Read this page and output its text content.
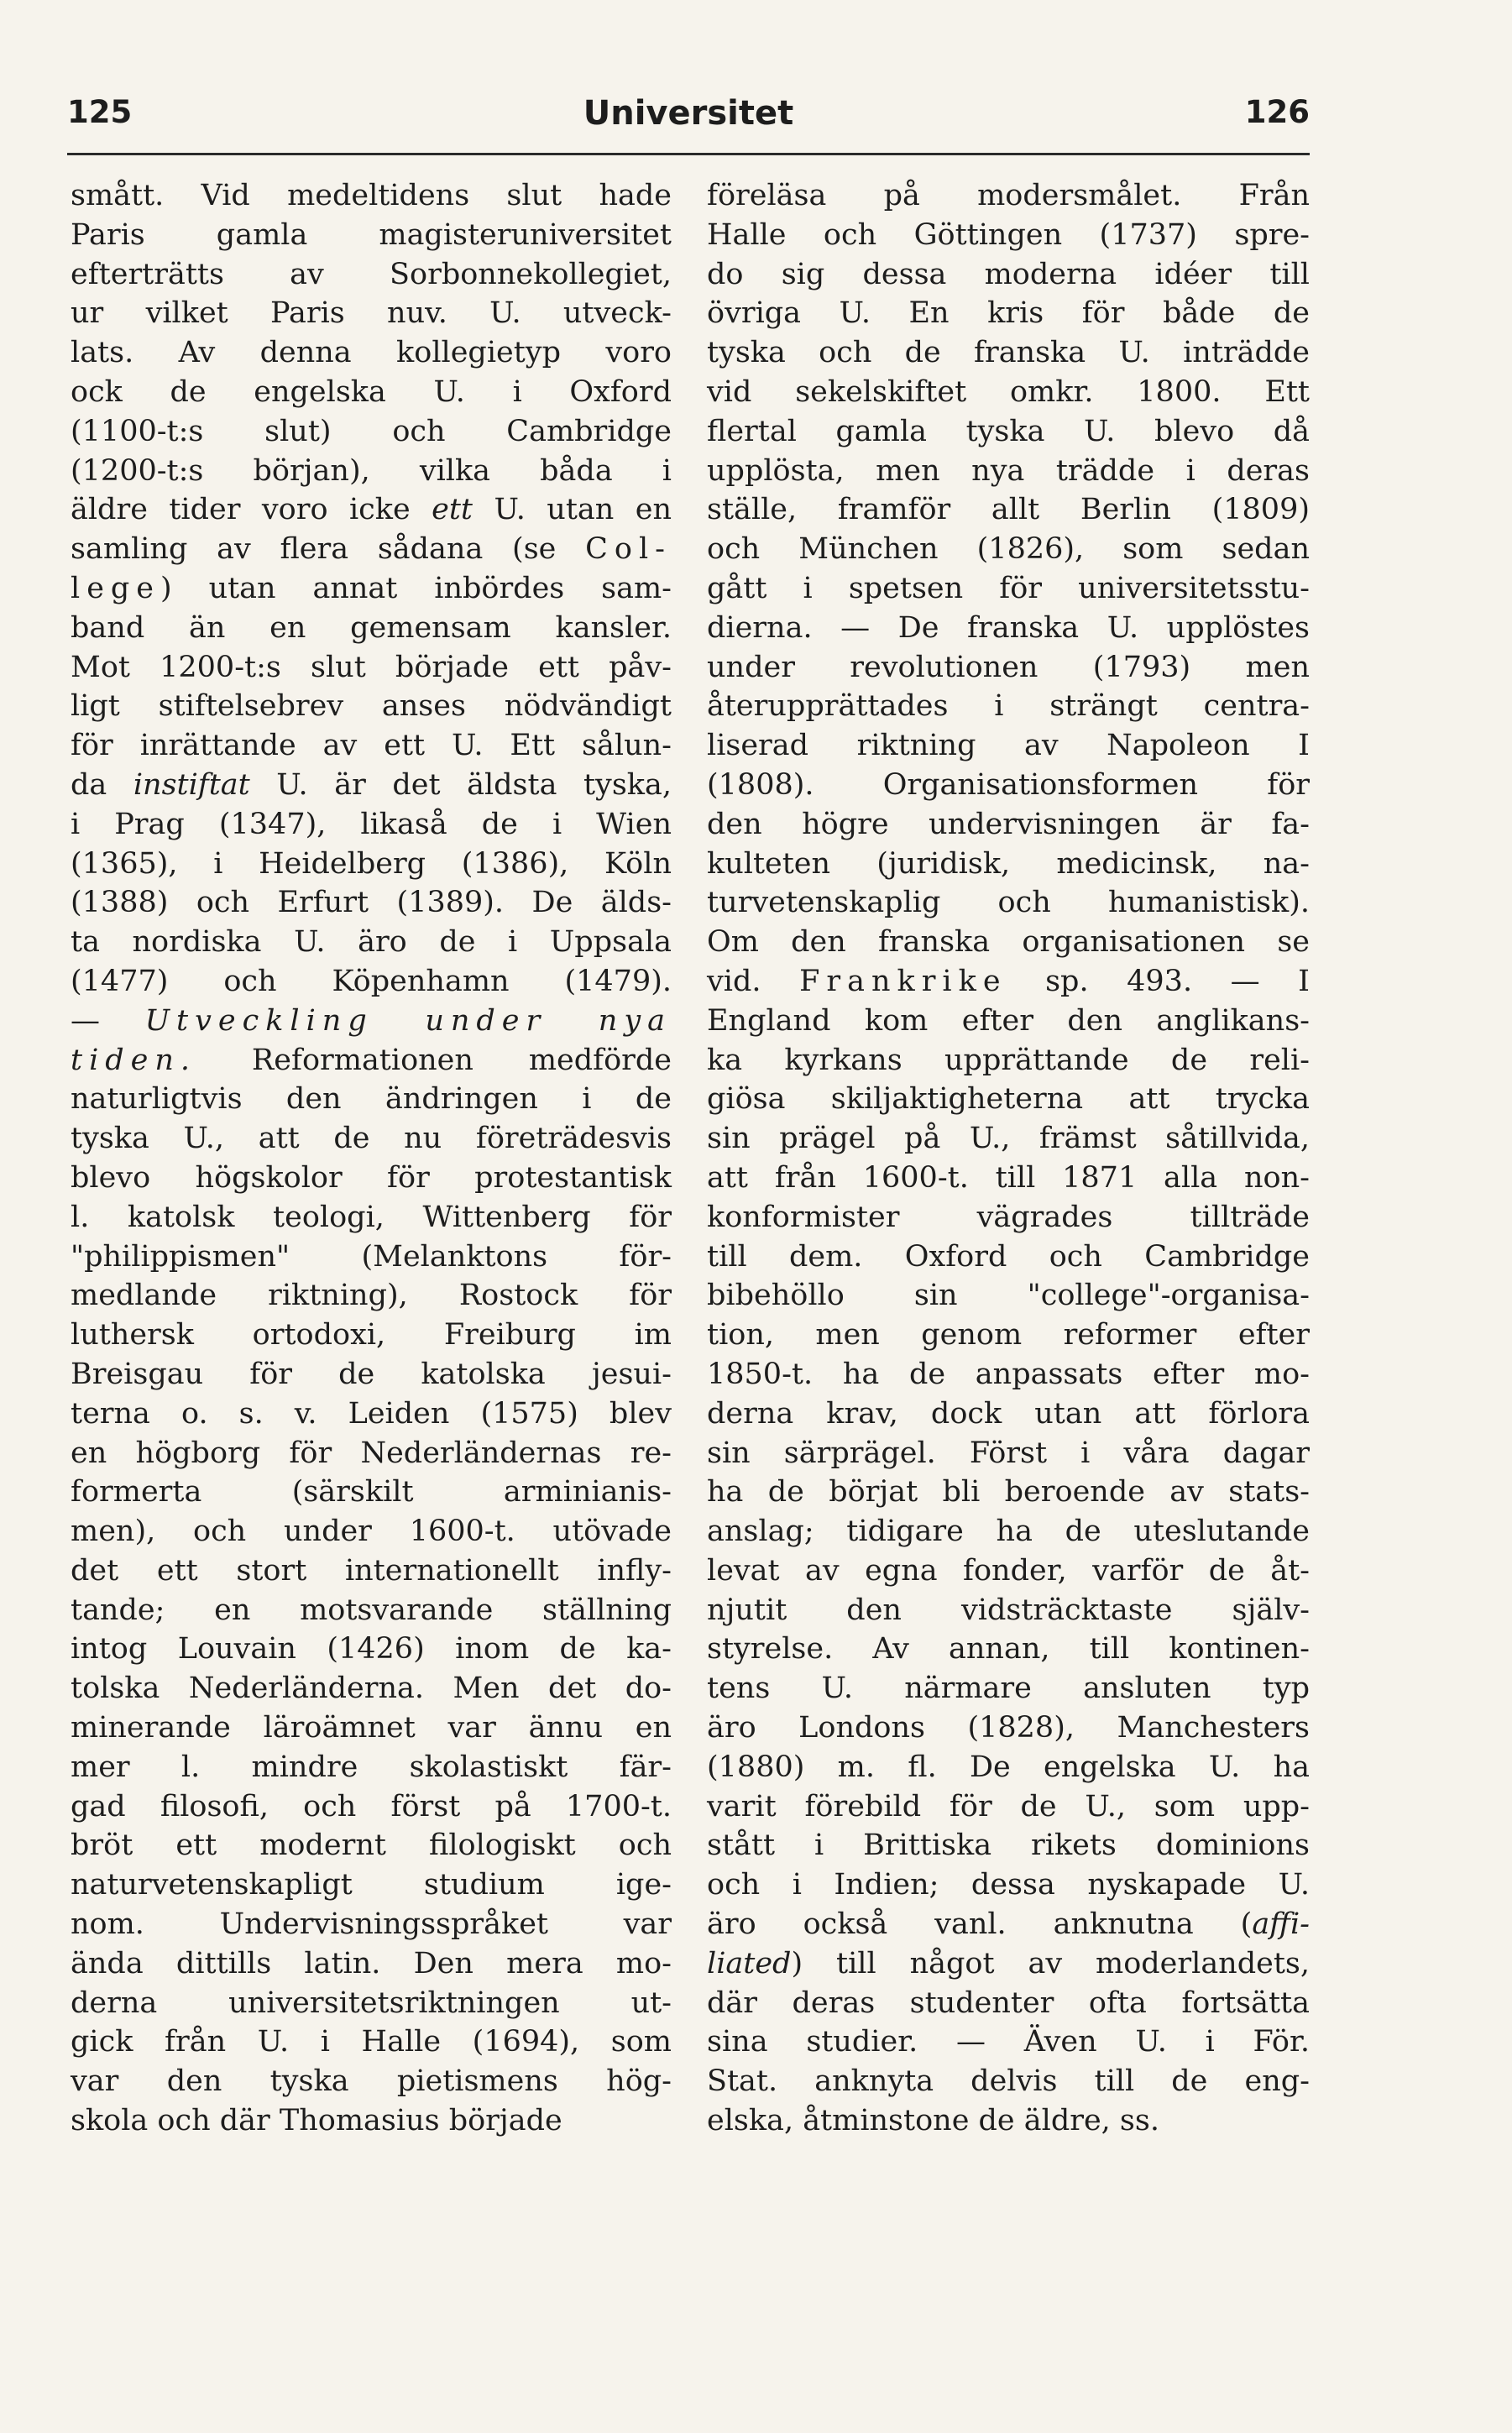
125	Universitet	126
smått. Vid medeltidens slut hade
Paris gamla magisteruniversitet
efterträtts av Sorbonnekollegiet,
ur vilket Paris nuv. U. utveck-
lats. Av denna kollegietyp voro
ock de engelska U. i Oxford
(1100-t:s slut) och Cambridge
(1200-t:s början), vilka båda i
äldre tider voro icke ett U. utan en
samling av flera sådana (se Col-
lege) utan annat inbördes sam-
band än en gemensam kansler.
Mot 1200-t:s slut började ett påv-
ligt stiftelsebrev anses nödvändigt
för inrättande av ett U. Ett sålun-
da instiftat U. är det äldsta tyska,
i Prag (1347), likaså de i Wien
(1365), i Heidelberg (1386), Köln
(1388) och Erfurt (1389). De älds-
ta nordiska U. äro de i Uppsala
(1477) och Köpenhamn (1479).
— Utveckling under nya
tiden. Reformationen medförde
naturligtvis den ändringen i de
tyska U., att de nu företrädesvis
blevo högskolor för protestantisk
l. katolsk teologi, Wittenberg för
"philippismen" (Melanktons för-
medlande riktning), Rostock för
luthersk ortodoxi, Freiburg im
Breisgau för de katolska jesui-
terna o. s. v. Leiden (1575) blev
en högborg för Nederländernas re-
formerta (särskilt arminianis-
men), och under 1600-t. utövade
det ett stort internationellt infly-
tande; en motsvarande ställning
intog Louvain (1426) inom de ka-
tolska Nederländerna. Men det do-
minerande läroämnet var ännu en
mer l. mindre skolastiskt fär-
gad filosofi, och först på 1700-t.
bröt ett modernt filologiskt och
naturvetenskapligt studium ige-
nom. Undervisningsspråket var
ända dittills latin. Den mera mo-
derna universitetsriktningen ut-
gick från U. i Halle (1694), som
var den tyska pietismens hög-
skola och där Thomasius började
föreläsa på modersmålet. Från
Halle och Göttingen (1737) spre-
do sig dessa moderna idéer till
övriga U. En kris för både de
tyska och de franska U. inträdde
vid sekelskiftet omkr. 1800. Ett
flertal gamla tyska U. blevo då
upplösta, men nya trädde i deras
ställe, framför allt Berlin (1809)
och München (1826), som sedan
gått i spetsen för universitetsstu-
dierna. — De franska U. upplöstes
under revolutionen (1793) men
återupprättades i strängt centra-
liserad riktning av Napoleon I
(1808). Organisationsformen för
den högre undervisningen är fa-
kulteten (juridisk, medicinsk, na-
turvetenskaplig och humanistisk).
Om den franska organisationen se
vid. Frankrike sp. 493. — I
England kom efter den anglikans-
ka kyrkans upprättande de reli-
giösa skiljaktigheterna att trycka
sin prägel på U., främst såtillvida,
att från 1600-t. till 1871 alla non-
konformister vägrades tillträde
till dem. Oxford och Cambridge
bibehöllo sin "college"-organisa-
tion, men genom reformer efter
1850-t. ha de anpassats efter mo-
derna krav, dock utan att förlora
sin särprägel. Först i våra dagar
ha de börjat bli beroende av stats-
anslag; tidigare ha de uteslutande
levat av egna fonder, varför de åt-
njutit den vidsträcktaste själv-
styrelse. Av annan, till kontinen-
tens U. närmare ansluten typ
äro Londons (1828), Manchesters
(1880) m. fl. De engelska U. ha
varit förebild för de U., som upp-
stått i Brittiska rikets dominions
och i Indien; dessa nyskapade U.
äro också vanl. anknutna (affi-
liated) till något av moderlandets,
där deras studenter ofta fortsätta
sina studier. — Även U. i För.
Stat. anknyta delvis till de eng-
elska, åtminstone de äldre, ss.
